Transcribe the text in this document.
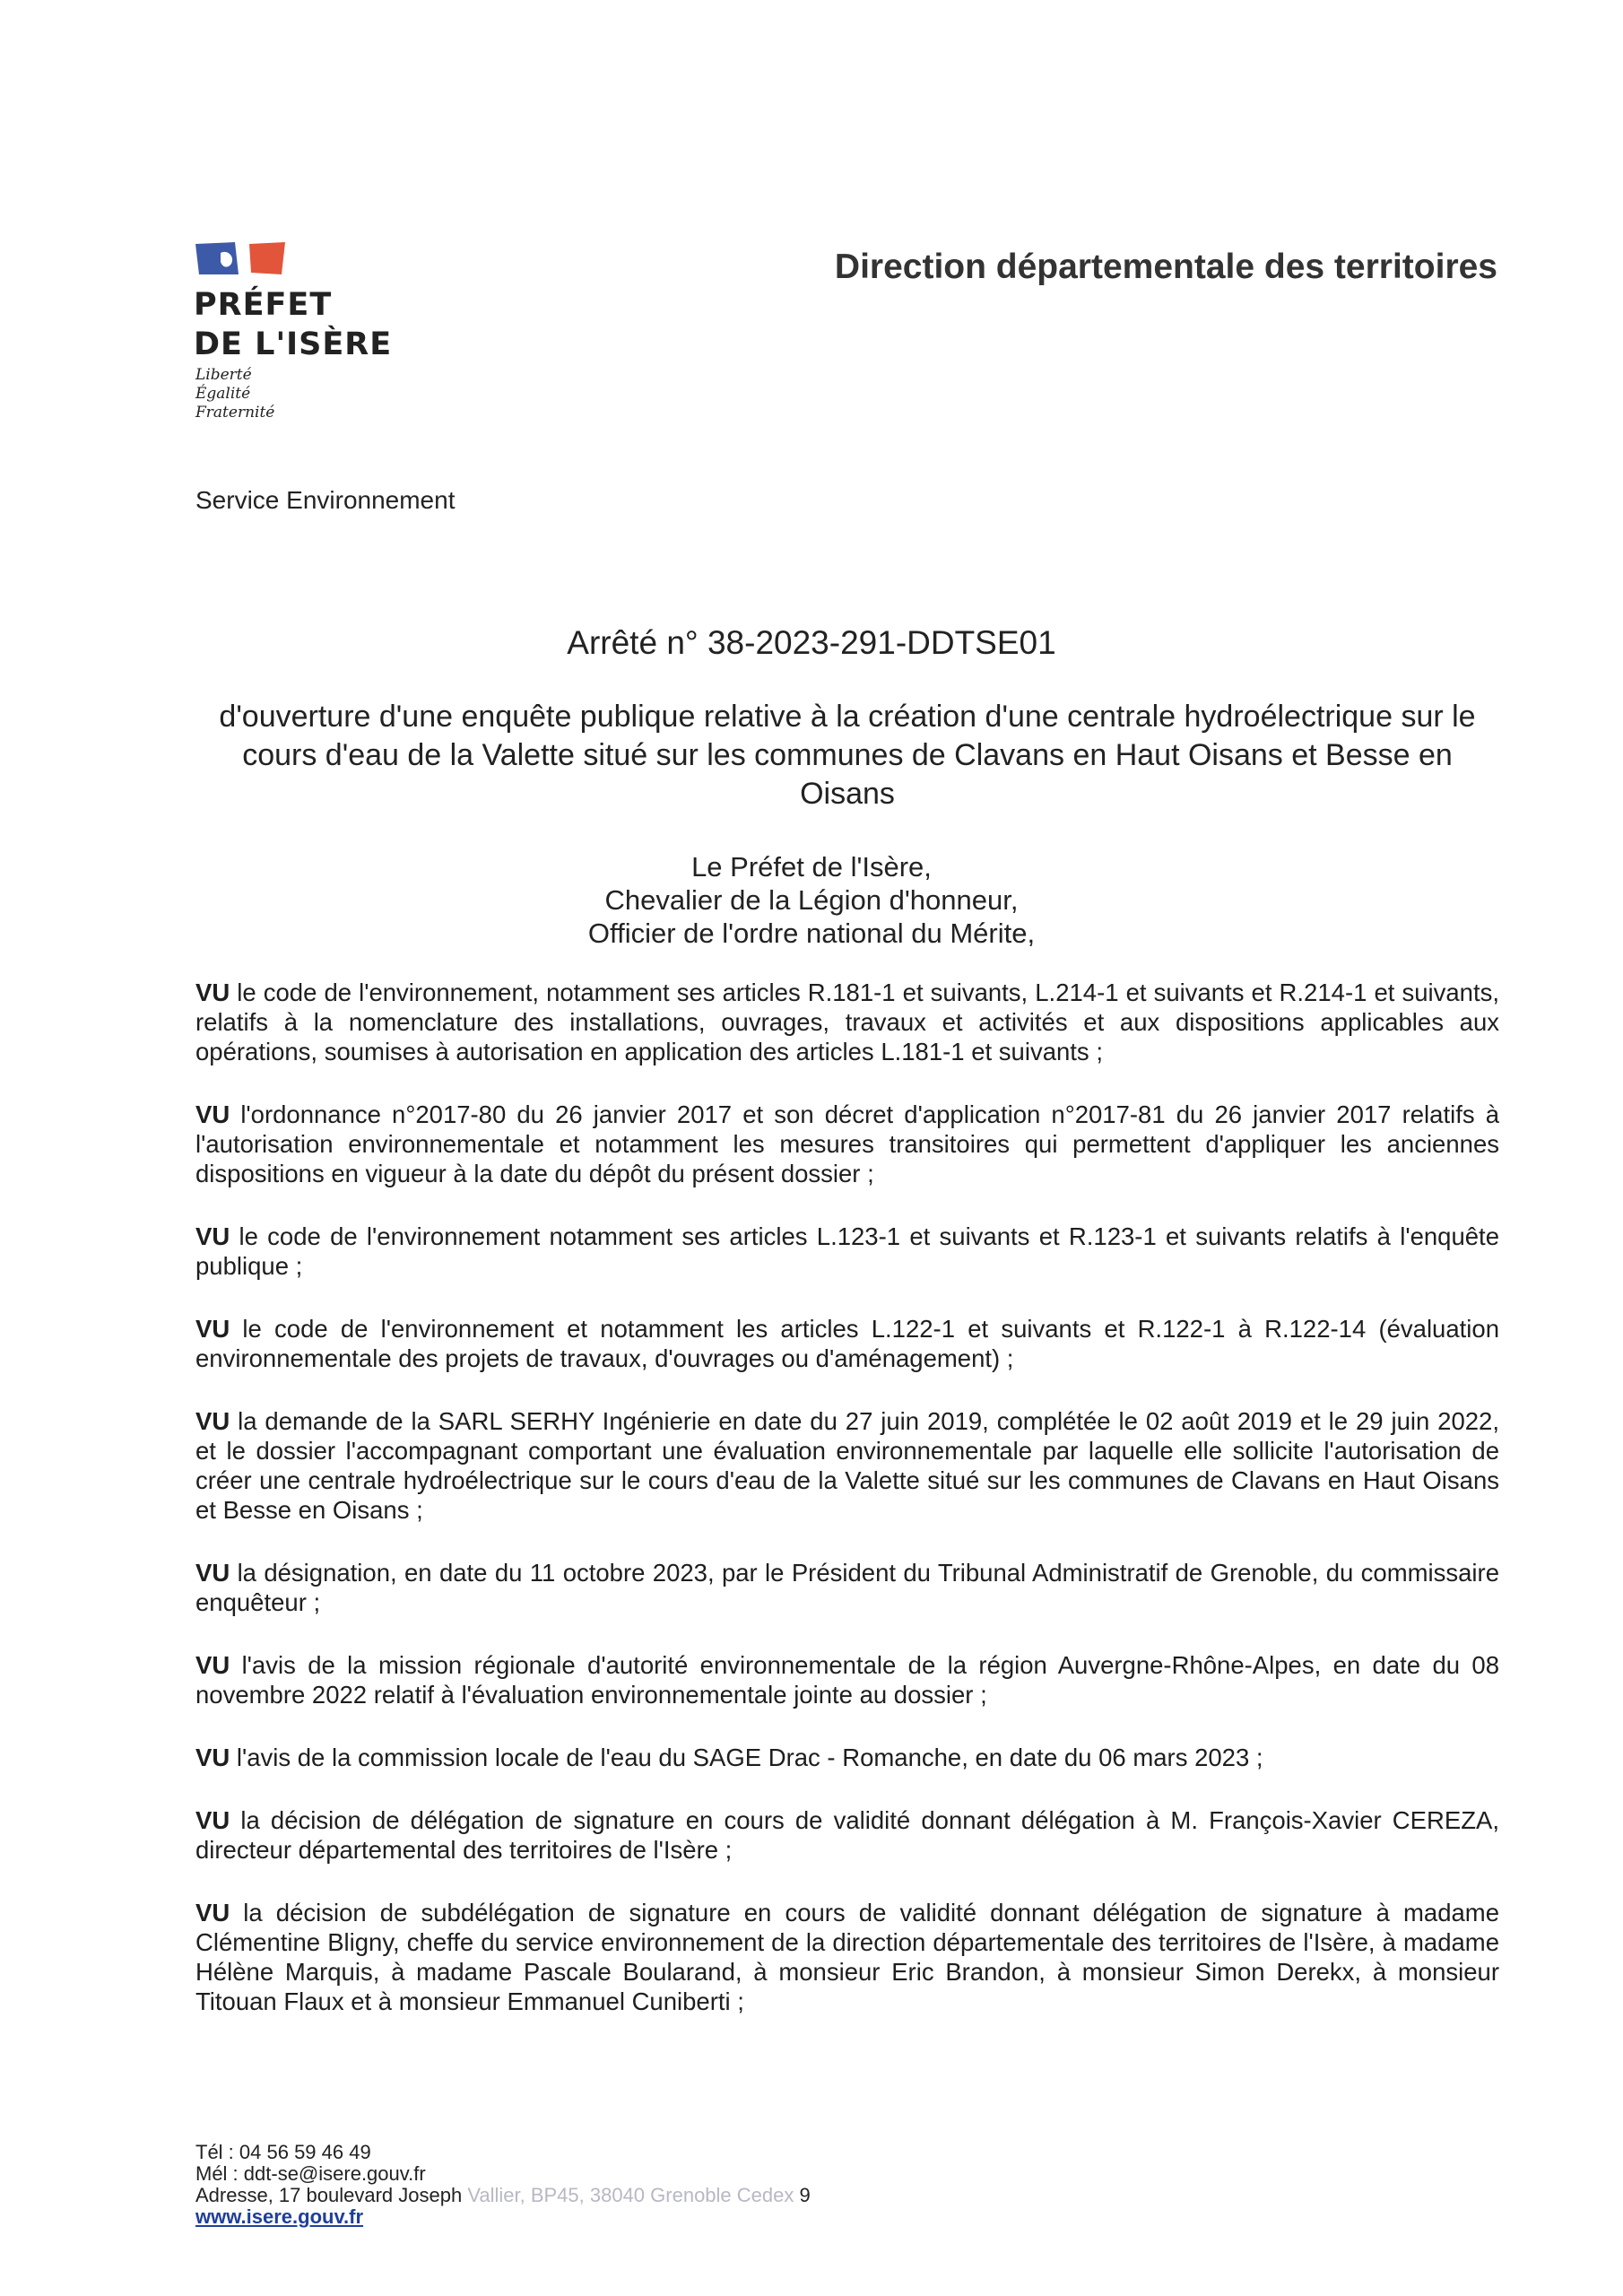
PRÉFET
DE L'ISÈRE
Liberté
Égalité
Fraternité
Direction départementale des territoires
Service Environnement
Arrêté n° 38-2023-291-DDTSE01
d'ouverture d'une enquête publique relative à la création d'une centrale hydroélectrique sur le cours d'eau de la Valette situé sur les communes de Clavans en Haut Oisans et Besse en Oisans
Le Préfet de l'Isère,
Chevalier de la Légion d'honneur,
Officier de l'ordre national du Mérite,

VU le code de l'environnement, notamment ses articles R.181-1 et suivants, L.214-1 et suivants et R.214-1 et suivants, relatifs à la nomenclature des installations, ouvrages, travaux et activités et aux dispositions applicables aux opérations, soumises à autorisation en application des articles L.181-1 et suivants ;

VU l'ordonnance n°2017-80 du 26 janvier 2017 et son décret d'application n°2017-81 du 26 janvier 2017 relatifs à l'autorisation environnementale et notamment les mesures transitoires qui permettent d'appliquer les anciennes dispositions en vigueur à la date du dépôt du présent dossier ;

VU le code de l'environnement notamment ses articles L.123-1 et suivants et R.123-1 et suivants relatifs à l'enquête publique ;

VU le code de l'environnement et notamment les articles L.122-1 et suivants et R.122-1 à R.122-14 (évaluation environnementale des projets de travaux, d'ouvrages ou d'aménagement) ;

VU la demande de la SARL SERHY Ingénierie en date du 27 juin 2019, complétée le 02 août 2019 et le 29 juin 2022, et le dossier l'accompagnant comportant une évaluation environnementale par laquelle elle sollicite l'autorisation de créer une centrale hydroélectrique sur le cours d'eau de la Valette situé sur les communes de Clavans en Haut Oisans et Besse en Oisans ;

VU la désignation, en date du 11 octobre 2023, par le Président du Tribunal Administratif de Grenoble, du commissaire enquêteur ;

VU l'avis de la mission régionale d'autorité environnementale de la région Auvergne-Rhône-Alpes, en date du 08 novembre 2022 relatif à l'évaluation environnementale jointe au dossier ;

VU l'avis de la commission locale de l'eau du SAGE Drac - Romanche, en date du 06 mars 2023 ;

VU la décision de délégation de signature en cours de validité donnant délégation à M. François-Xavier CEREZA, directeur départemental des territoires de l'Isère ;

VU la décision de subdélégation de signature en cours de validité donnant délégation de signature à madame Clémentine Bligny, cheffe du service environnement de la direction départementale des territoires de l'Isère, à madame Hélène Marquis, à madame Pascale Boularand, à monsieur Eric Brandon, à monsieur Simon Derekx, à monsieur Titouan Flaux et à monsieur Emmanuel Cuniberti ;

Tél : 04 56 59 46 49
Mél : ddt-se@isere.gouv.fr
Adresse, 17 boulevard Joseph Vallier, BP45, 38040 Grenoble Cedex 9
www.isere.gouv.fr
